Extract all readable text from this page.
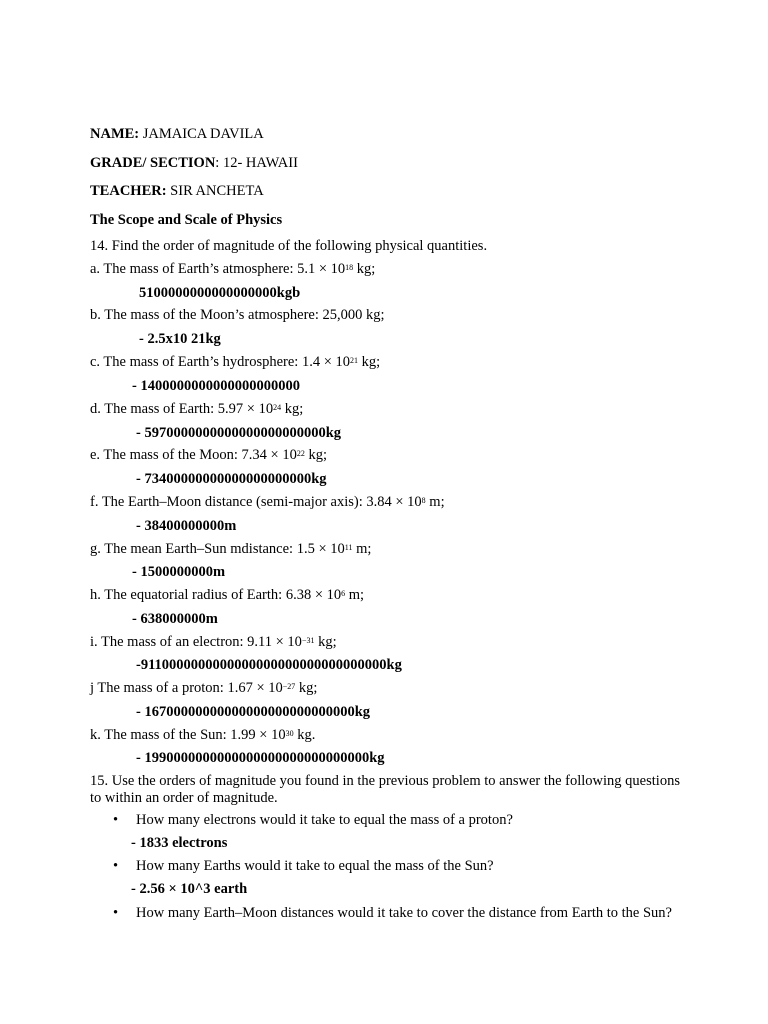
NAME: JAMAICA DAVILA
GRADE/ SECTION: 12- HAWAII
TEACHER: SIR ANCHETA
The Scope and Scale of Physics
14. Find the order of magnitude of the following physical quantities.
a. The mass of Earth’s atmosphere: $5.1 \times 10^{18}$ kg;
5100000000000000000kgb
b. The mass of the Moon’s atmosphere: 25,000 kg;
- 2.5x10 21kg
c. The mass of Earth’s hydrosphere: $1.4 \times 10^{21}$ kg;
- 1400000000000000000000
d. The mass of Earth: $5.97 \times 10^{24}$ kg;
- 5970000000000000000000000kg
e. The mass of the Moon: $7.34 \times 10^{22}$ kg;
- 73400000000000000000000kg
f. The Earth–Moon distance (semi-major axis): $3.84 \times 10^8$ m;
- 38400000000m
g. The mean Earth–Sun mdistance: $1.5 \times 10^{11}$ m;
- 1500000000m
h. The equatorial radius of Earth: $6.38 \times 10^6$ m;
- 638000000m
i. The mass of an electron: $9.11 \times 10^{-31}$ kg;
-9110000000000000000000000000000000kg
j The mass of a proton: $1.67 \times 10^{-27}$ kg;
- 16700000000000000000000000000kg
k. The mass of the Sun: $1.99 \times 10^{30}$ kg.
- 1990000000000000000000000000000kg
15. Use the orders of magnitude you found in the previous problem to answer the following questions to within an order of magnitude.
• How many electrons would it take to equal the mass of a proton?
- 1833 electrons
• How many Earths would it take to equal the mass of the Sun?
- 2.56 × 10^3 earth
• How many Earth–Moon distances would it take to cover the distance from Earth to the Sun?
